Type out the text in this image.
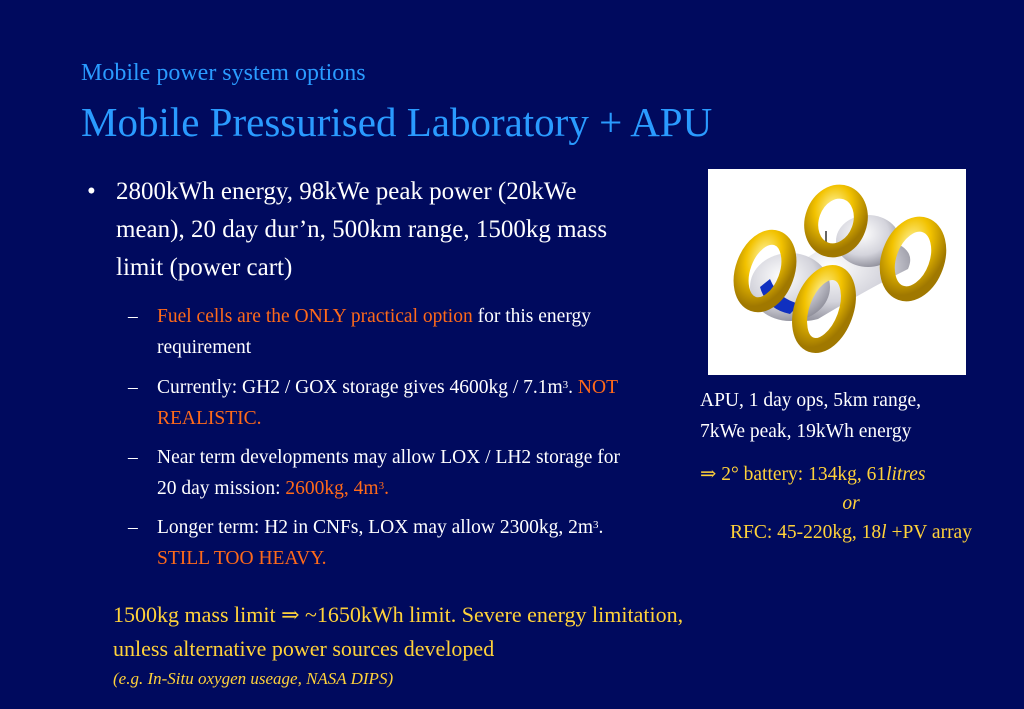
Mobile power system options
Mobile Pressurised Laboratory + APU
• 2800kWh energy, 98kWe peak power (20kWe mean), 20 day dur’n, 500km range, 1500kg mass limit (power cart)
– Fuel cells are the ONLY practical option for this energy requirement
– Currently: GH2 / GOX storage gives $4600kg / 7.1m^3$. NOT REALISTIC.
– Near term developments may allow LOX / LH2 storage for 20 day mission: 2600kg, $4m^3$.
– Longer term: H2 in CNFs, LOX may allow 2300kg, $2m^3$. STILL TOO HEAVY.
APU, 1 day ops, 5km range,
7kWe peak, 19kWh energy
⇒ 2° battery: 134kg, 61litres
or
RFC: 45-220kg, 18l +PV array
1500kg mass limit ⇒ ~1650kWh limit. Severe energy limitation, unless alternative power sources developed
(e.g. In-Situ oxygen useage, NASA DIPS)
